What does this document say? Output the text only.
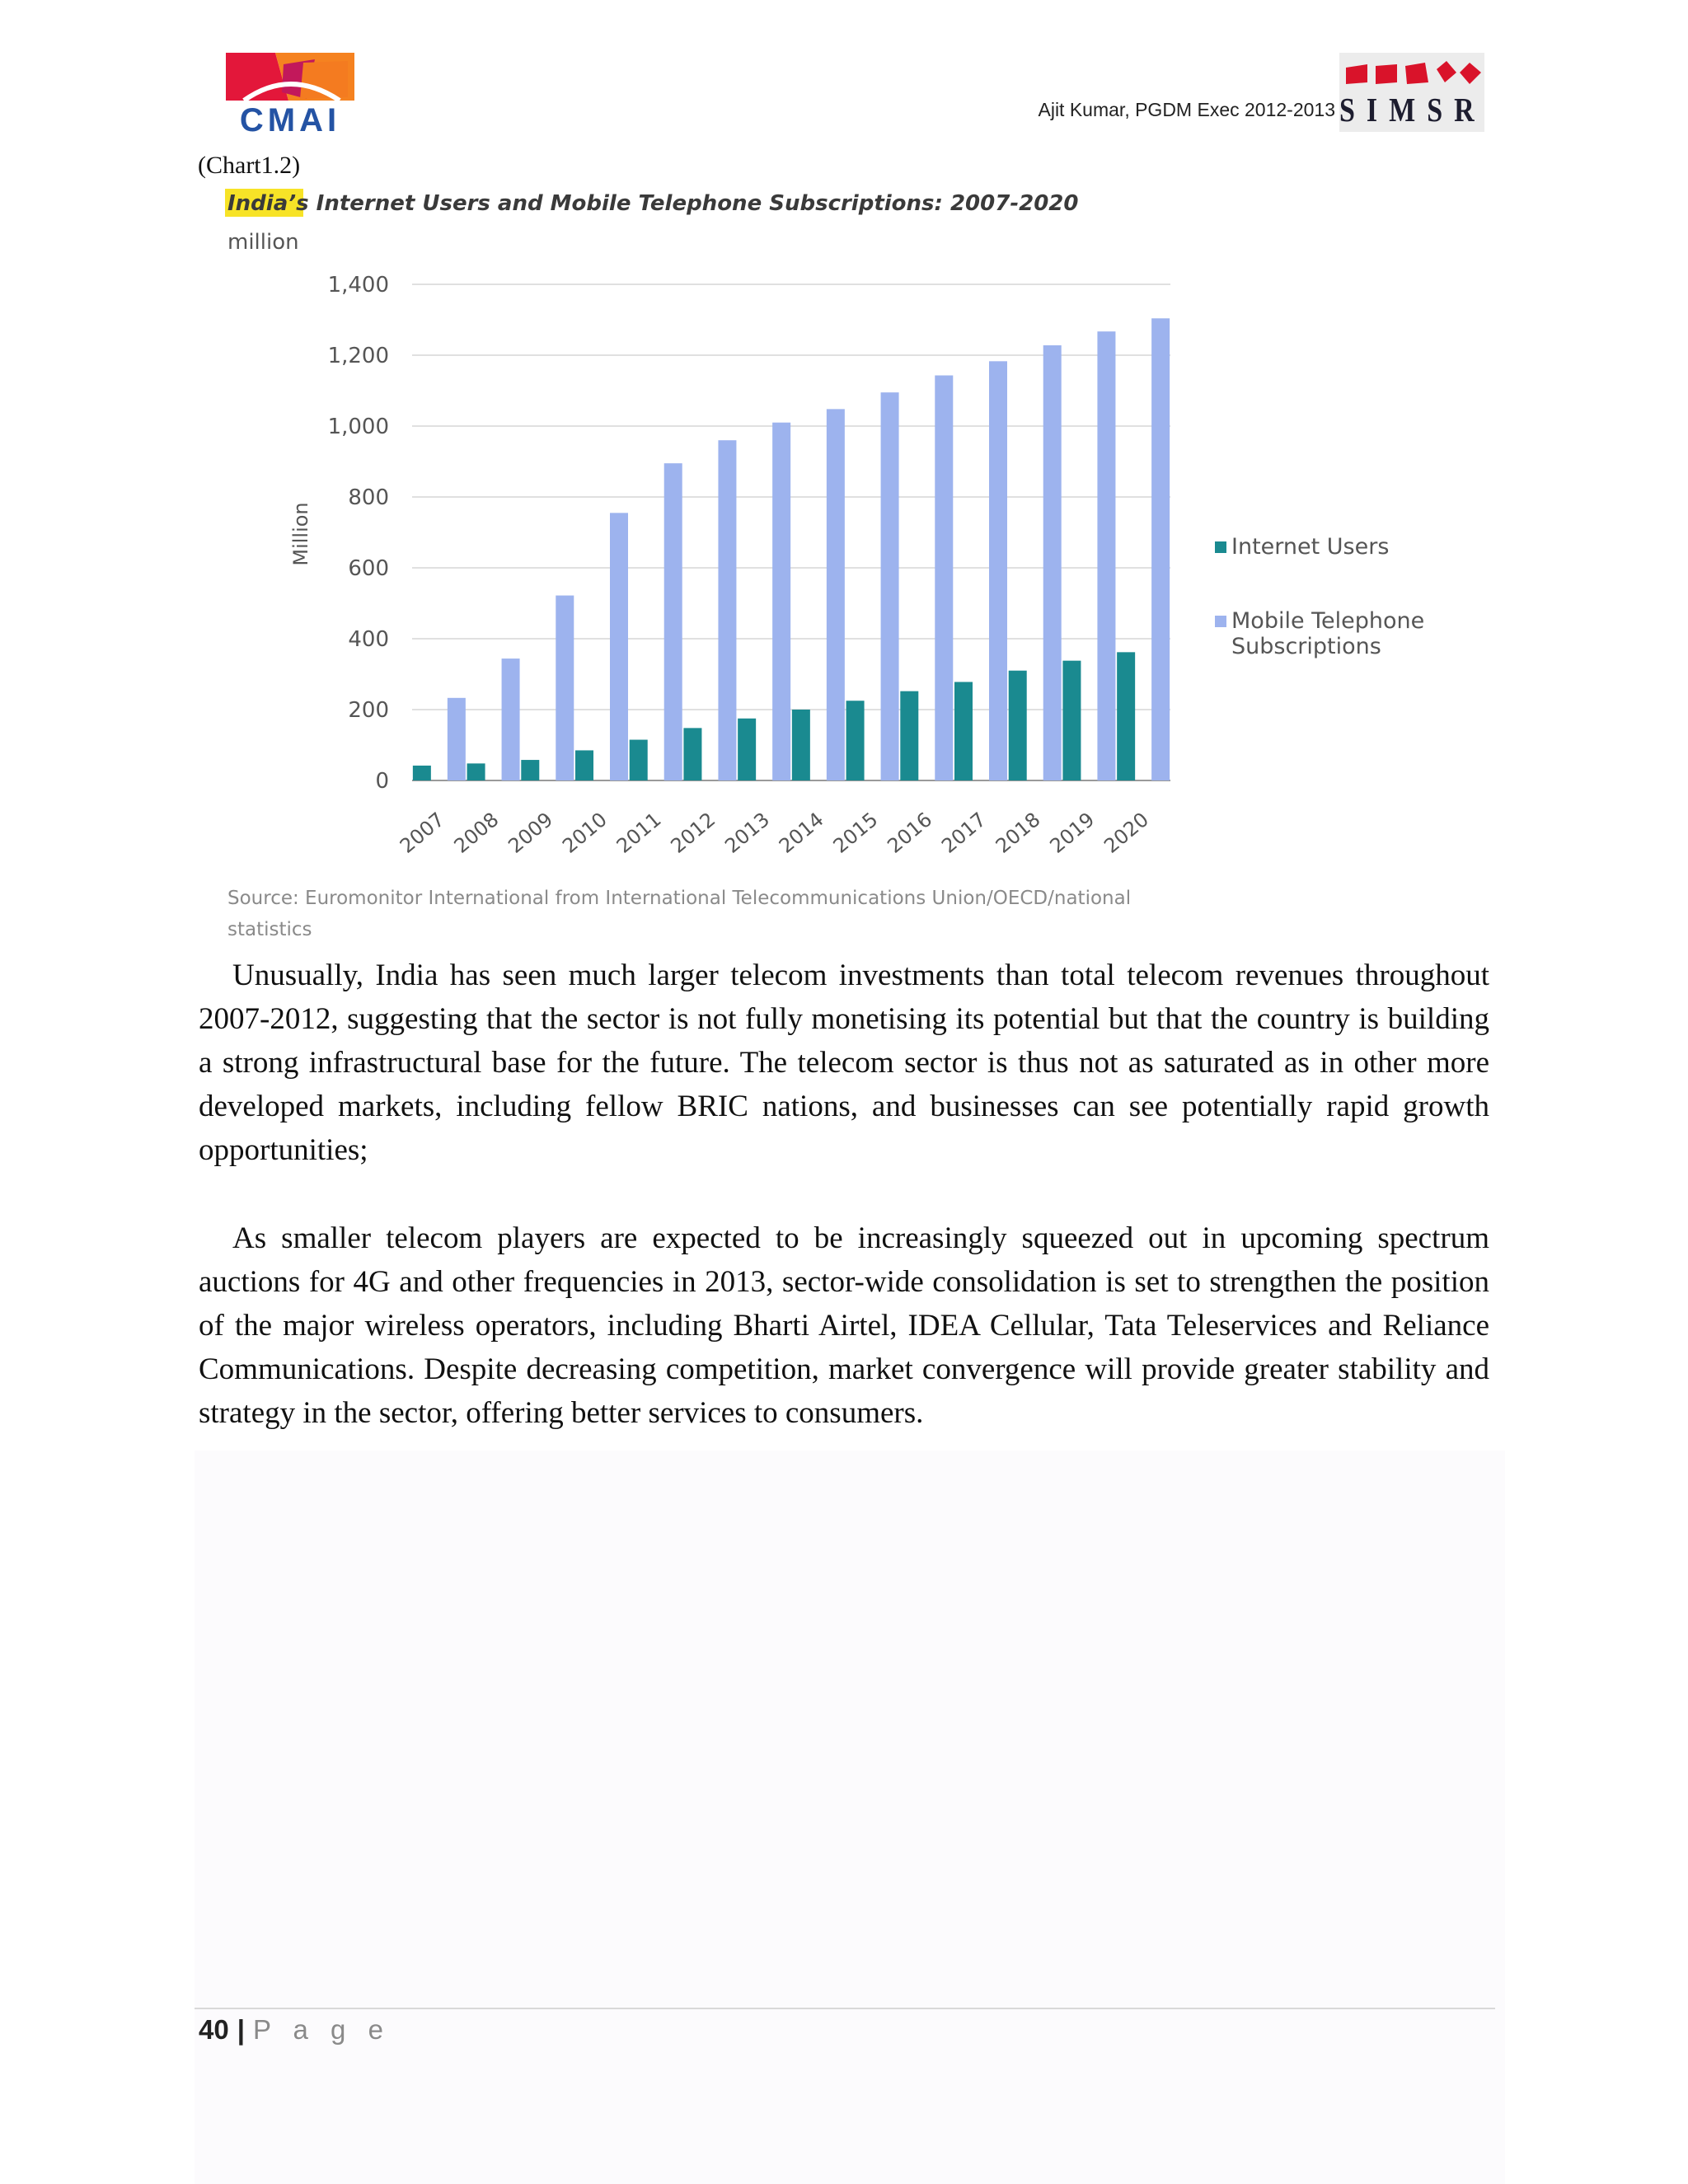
CMAI	Ajit Kumar, PGDM Exec 2012-2013 SIMSR
(Chart1.2)
India’s Internet Users and Mobile Telephone Subscriptions: 2007-2020
million
Million
0
200
400
600
800
1,000
1,200
1,400
2007 2008 2009 2010 2011 2012 2013 2014 2015 2016 2017 2018 2019 2020
Internet Users
Mobile Telephone
Subscriptions
Source: Euromonitor International from International Telecommunications Union/OECD/national
statistics

Unusually, India has seen much larger telecom investments than total telecom revenues throughout 2007-2012, suggesting that the sector is not fully monetising its potential but that the country is building a strong infrastructural base for the future. The telecom sector is thus not as saturated as in other more developed markets, including fellow BRIC nations, and businesses can see potentially rapid growth opportunities;

As smaller telecom players are expected to be increasingly squeezed out in upcoming spectrum auctions for 4G and other frequencies in 2013, sector-wide consolidation is set to strengthen the position of the major wireless operators, including Bharti Airtel, IDEA Cellular, Tata Teleservices and Reliance Communications. Despite decreasing competition, market convergence will provide greater stability and strategy in the sector, offering better services to consumers.

40 | P a g e
